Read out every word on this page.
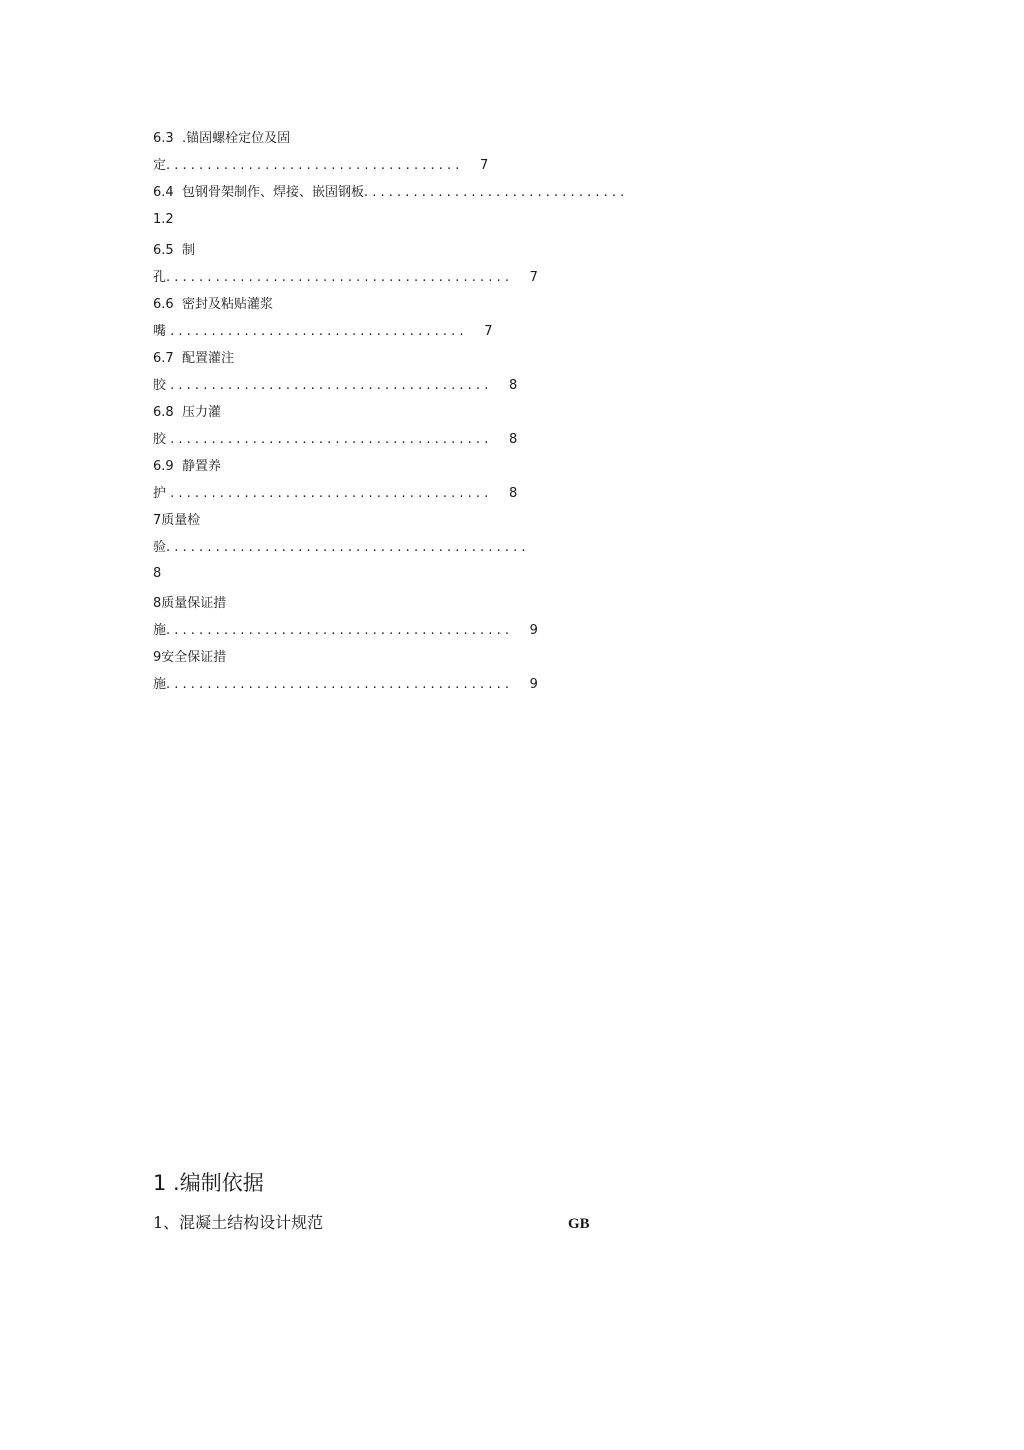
6.3  .锚固螺栓定位及固
定. . . . . . . . . . . . . . . . . . . . . . . . . . . . . . . . . . . .     7
6.4  包钢骨架制作、焊接、嵌固钢板. . . . . . . . . . . . . . . . . . . . . . . . . . . . . . . .
1.2
6.5  制
孔. . . . . . . . . . . . . . . . . . . . . . . . . . . . . . . . . . . . . . . . . .     7
6.6  密封及粘贴灌浆
嘴 . . . . . . . . . . . . . . . . . . . . . . . . . . . . . . . . . . . .     7
6.7  配置灌注
胶 . . . . . . . . . . . . . . . . . . . . . . . . . . . . . . . . . . . . . . .     8
6.8  压力灌
胶 . . . . . . . . . . . . . . . . . . . . . . . . . . . . . . . . . . . . . . .     8
6.9  静置养
护 . . . . . . . . . . . . . . . . . . . . . . . . . . . . . . . . . . . . . . .     8
7质量检
验. . . . . . . . . . . . . . . . . . . . . . . . . . . . . . . . . . . . . . . . . . . .
8
8质量保证措
施. . . . . . . . . . . . . . . . . . . . . . . . . . . . . . . . . . . . . . . . . .     9
9安全保证措
施. . . . . . . . . . . . . . . . . . . . . . . . . . . . . . . . . . . . . . . . . .     9
1 .编制依据
1、混凝土结构设计规范	GB
